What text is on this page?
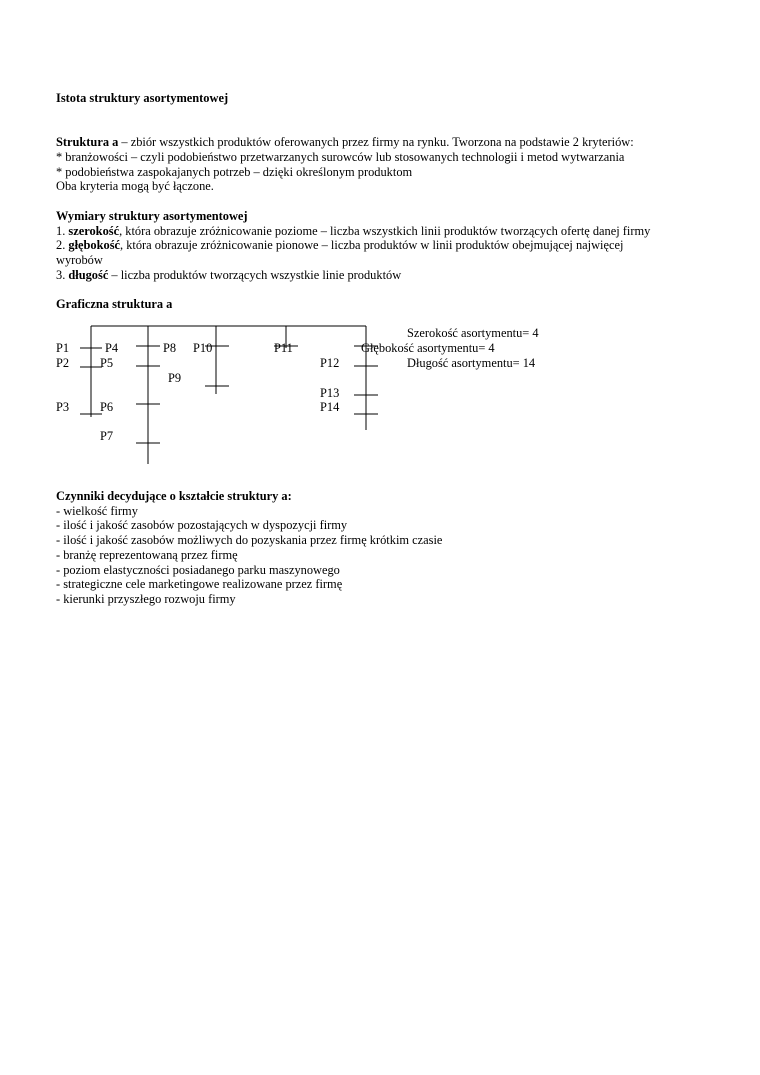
Istota struktury asortymentowej
Struktura a – zbiór wszystkich produktów oferowanych przez firmy na rynku. Tworzona na podstawie 2 kryteriów:
* branżowości – czyli podobieństwo przetwarzanych surowców lub stosowanych technologii i metod wytwarzania
* podobieństwa zaspokajanych potrzeb – dzięki określonym produktom
Oba kryteria mogą być łączone.
Wymiary struktury asortymentowej
1. szerokość, która obrazuje zróżnicowanie poziome – liczba wszystkich linii produktów tworzących ofertę danej firmy
2. głębokość, która obrazuje zróżnicowanie pionowe – liczba produktów w linii produktów obejmującej najwięcej
wyrobów
3. długość – liczba produktów tworzących wszystkie linie produktów
Graficzna struktura a
P1
P2
P3
P4
P5
P6
P7
P8
P9
P10	P11
P12
P13
P14
Szerokość asortymentu= 4
Głębokość asortymentu= 4
Długość asortymentu= 14
Czynniki decydujące o kształcie struktury a:
- wielkość firmy
- ilość i jakość zasobów pozostających w dyspozycji firmy
- ilość i jakość zasobów możliwych do pozyskania przez firmę krótkim czasie
- branżę reprezentowaną przez firmę
- poziom elastyczności posiadanego parku maszynowego
- strategiczne cele marketingowe realizowane przez firmę
- kierunki przyszłego rozwoju firmy
